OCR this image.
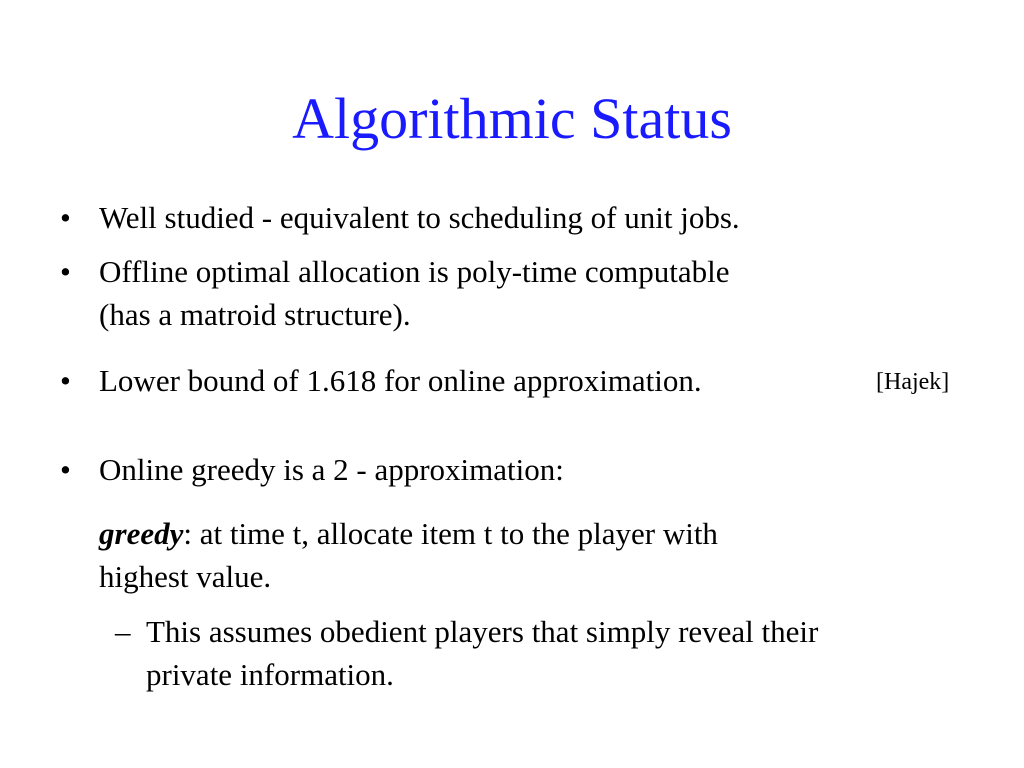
Algorithmic Status
• Well studied - equivalent to scheduling of unit jobs.
• Offline optimal allocation is poly-time computable
(has a matroid structure).
• Lower bound of 1.618 for online approximation.	[Hajek]
• Online greedy is a 2 - approximation:
greedy: at time t, allocate item t to the player with
highest value.
– This assumes obedient players that simply reveal their
private information.
